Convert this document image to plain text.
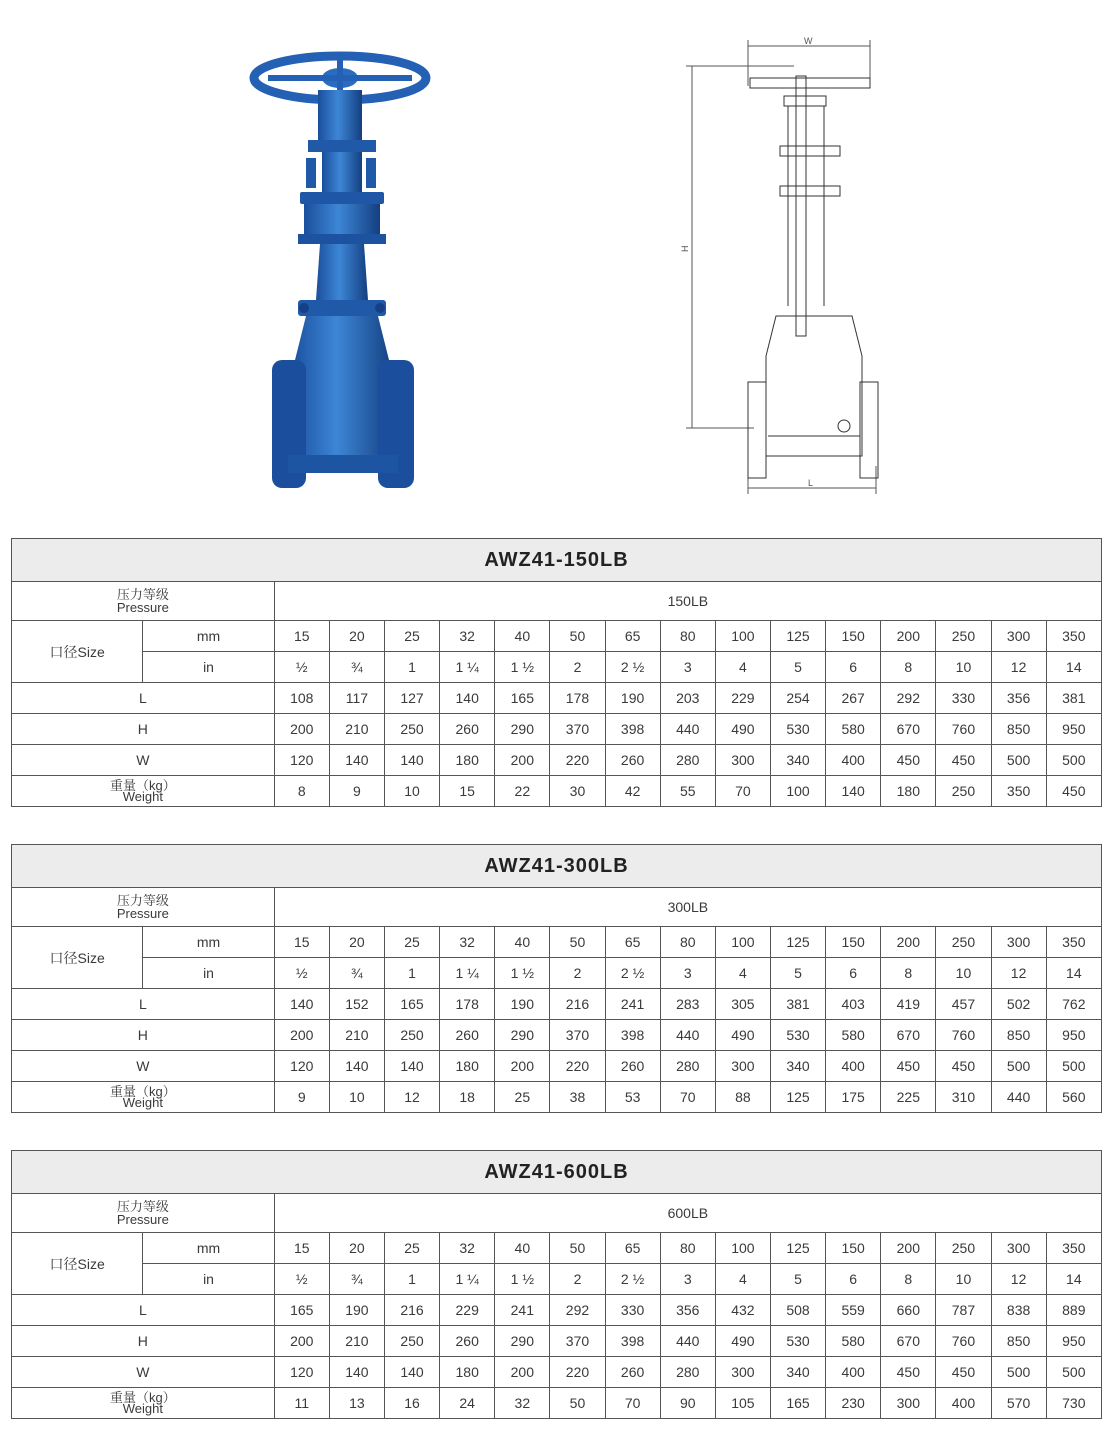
W
H
L
AWZ41-150LB																

压力等级
Pressure		150LB														
口径Size	mm	15	20	25	32	40	50	65	80	100	125	150	200	250	300	350
	in	½	¾	1	1 ¼	1 ½	2	2 ½	3	4	5	6	8	10	12	14
L		108	117	127	140	165	178	190	203	229	254	267	292	330	356	381
H		200	210	250	260	290	370	398	440	490	530	580	670	760	850	950
W		120	140	140	180	200	220	260	280	300	340	400	450	450	500	500

重量（kg）
Weight		8	9	10	15	22	30	42	55	70	100	140	180	250	350	450
AWZ41-300LB																

压力等级
Pressure		300LB														
口径Size	mm	15	20	25	32	40	50	65	80	100	125	150	200	250	300	350
	in	½	¾	1	1 ¼	1 ½	2	2 ½	3	4	5	6	8	10	12	14
L		140	152	165	178	190	216	241	283	305	381	403	419	457	502	762
H		200	210	250	260	290	370	398	440	490	530	580	670	760	850	950
W		120	140	140	180	200	220	260	280	300	340	400	450	450	500	500

重量（kg）
Weight		9	10	12	18	25	38	53	70	88	125	175	225	310	440	560
AWZ41-600LB																

压力等级
Pressure		600LB														
口径Size	mm	15	20	25	32	40	50	65	80	100	125	150	200	250	300	350
	in	½	¾	1	1 ¼	1 ½	2	2 ½	3	4	5	6	8	10	12	14
L		165	190	216	229	241	292	330	356	432	508	559	660	787	838	889
H		200	210	250	260	290	370	398	440	490	530	580	670	760	850	950
W		120	140	140	180	200	220	260	280	300	340	400	450	450	500	500

重量（kg）
Weight		11	13	16	24	32	50	70	90	105	165	230	300	400	570	730
